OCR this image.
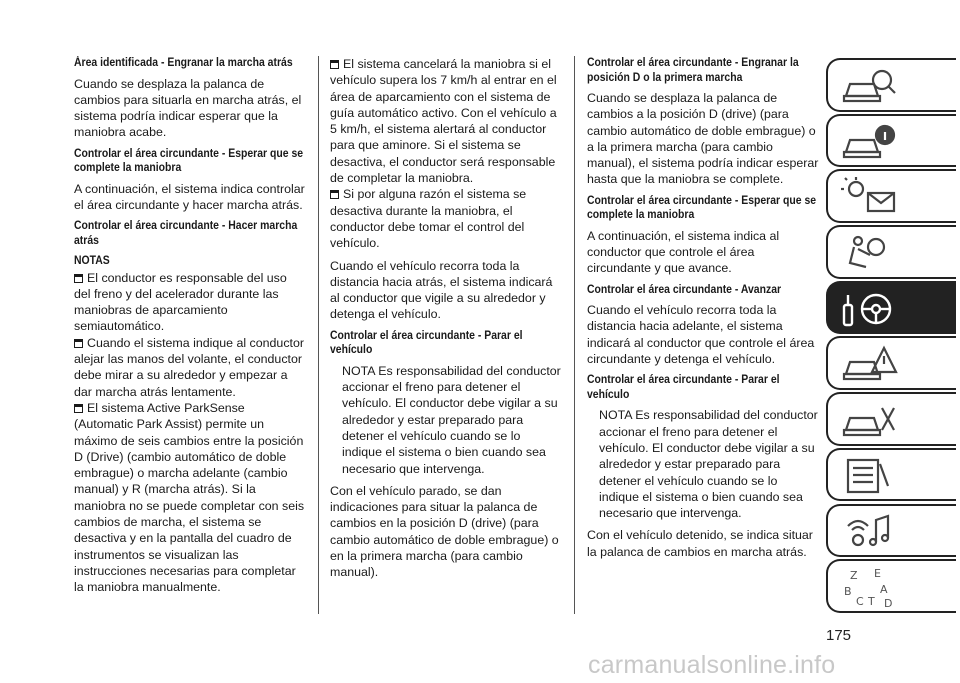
Área identificada - Engranar la marcha atrás

Cuando se desplaza la palanca de cambios para situarla en marcha atrás, el sistema podría indicar esperar que la maniobra acabe.

Controlar el área circundante - Esperar que se complete la maniobra

A continuación, el sistema indica controlar el área circundante y hacer marcha atrás.

Controlar el área circundante - Hacer marcha atrás
NOTAS
El conductor es responsable del uso del freno y del acelerador durante las maniobras de aparcamiento semiautomático.
Cuando el sistema indique al conductor alejar las manos del volante, el conductor debe mirar a su alrededor y empezar a dar marcha atrás lentamente.
El sistema Active ParkSense (Automatic Park Assist) permite un máximo de seis cambios entre la posición D (Drive) (cambio automático de doble embrague) o marcha adelante (cambio manual) y R (marcha atrás). Si la maniobra no se puede completar con seis cambios de marcha, el sistema se desactiva y en la pantalla del cuadro de instrumentos se visualizan las instrucciones necesarias para completar la maniobra manualmente.
El sistema cancelará la maniobra si el vehículo supera los 7 km/h al entrar en el área de aparcamiento con el sistema de guía automático activo. Con el vehículo a 5 km/h, el sistema alertará al conductor para que aminore. Si el sistema se desactiva, el conductor será responsable de completar la maniobra.
Si por alguna razón el sistema se desactiva durante la maniobra, el conductor debe tomar el control del vehículo.

Cuando el vehículo recorra toda la distancia hacia atrás, el sistema indicará al conductor que vigile a su alrededor y detenga el vehículo.

Controlar el área circundante - Parar el vehículo

NOTA Es responsabilidad del conductor accionar el freno para detener el vehículo. El conductor debe vigilar a su alrededor y estar preparado para detener el vehículo cuando se lo indique el sistema o bien cuando sea necesario que intervenga.

Con el vehículo parado, se dan indicaciones para situar la palanca de cambios en la posición D (drive) (para cambio automático de doble embrague) o en la primera marcha (para cambio manual).

Controlar el área circundante - Engranar la posición D o la primera marcha

Cuando se desplaza la palanca de cambios a la posición D (drive) (para cambio automático de doble embrague) o a la primera marcha (para cambio manual), el sistema podría indicar esperar hasta que la maniobra se complete.

Controlar el área circundante - Esperar que se complete la maniobra

A continuación, el sistema indica al conductor que controle el área circundante y que avance.

Controlar el área circundante - Avanzar

Cuando el vehículo recorra toda la distancia hacia adelante, el sistema indicará al conductor que controle el área circundante y detenga el vehículo.

Controlar el área circundante - Parar el vehículo

NOTA Es responsabilidad del conductor accionar el freno para detener el vehículo. El conductor debe vigilar a su alrededor y estar preparado para detener el vehículo cuando se lo indique el sistema o bien cuando sea necesario que intervenga.

Con el vehículo detenido, se indica situar la palanca de cambios en marcha atrás.

Z E
B	A
C T D
175
carmanualsonline.info
